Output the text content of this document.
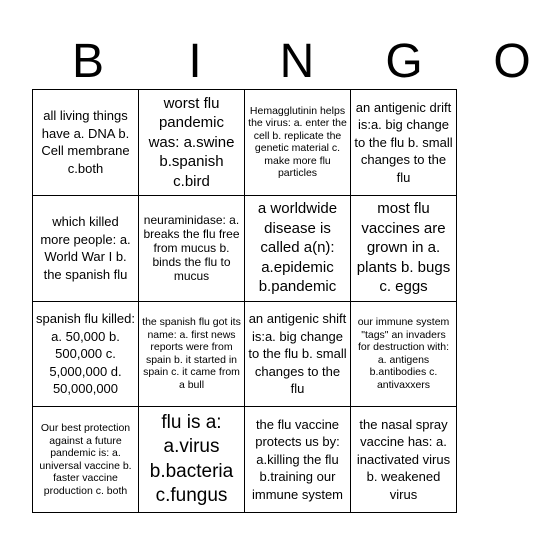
B	I	N	G	O
all living things have a. DNA b. Cell membrane c.both
worst flu pandemic was: a.swine b.spanish c.bird
Hemagglutinin helps the virus: a. enter the cell b. replicate the genetic material c. make more flu particles
an antigenic drift is:a. big change to the flu b. small changes to the flu
which killed more people: a. World War I b. the spanish flu
neuraminidase: a. breaks the flu free from mucus b. binds the flu to mucus
a worldwide disease is called a(n): a.epidemic b.pandemic
most flu vaccines are grown in a. plants b. bugs c. eggs
spanish flu killed: a. 50,000 b. 500,000 c. 5,000,000 d. 50,000,000
the spanish flu got its name: a. first news reports were from spain b. it started in spain c. it came from a bull
an antigenic shift is:a. big change to the flu b. small changes to the flu
our immune system "tags" an invaders for destruction with: a. antigens b.antibodies c. antivaxxers
Our best protection against a future pandemic is: a. universal vaccine b. faster vaccine production c. both
flu is a: a.virus b.bacteria c.fungus
the flu vaccine protects us by: a.killing the flu b.training our immune system
the nasal spray vaccine has: a. inactivated virus b. weakened virus
